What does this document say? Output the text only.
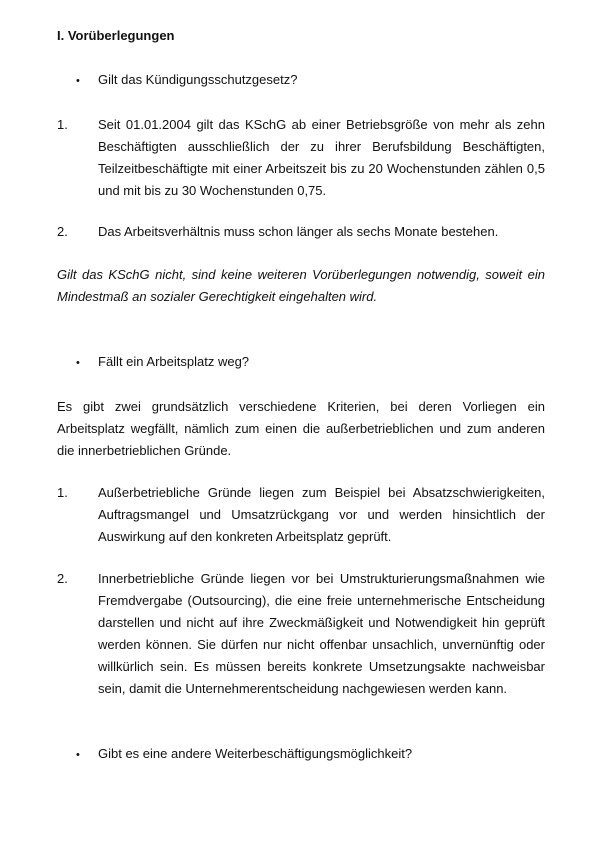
I. Vorüberlegungen
• Gilt das Kündigungsschutzgesetz?
1. Seit 01.01.2004 gilt das KSchG ab einer Betriebsgröße von mehr als zehn Beschäftigten ausschließlich der zu ihrer Berufsbildung Beschäftigten, Teilzeitbeschäftigte mit einer Arbeitszeit bis zu 20 Wochenstunden zählen 0,5 und mit bis zu 30 Wochenstunden 0,75.
2. Das Arbeitsverhältnis muss schon länger als sechs Monate bestehen.
Gilt das KSchG nicht, sind keine weiteren Vorüberlegungen notwendig, soweit ein Mindestmaß an sozialer Gerechtigkeit eingehalten wird.
• Fällt ein Arbeitsplatz weg?
Es gibt zwei grundsätzlich verschiedene Kriterien, bei deren Vorliegen ein Arbeitsplatz wegfällt, nämlich zum einen die außerbetrieblichen und zum anderen die innerbetrieblichen Gründe.
1. Außerbetriebliche Gründe liegen zum Beispiel bei Absatzschwierigkeiten, Auftragsmangel und Umsatzrückgang vor und werden hinsichtlich der Auswirkung auf den konkreten Arbeitsplatz geprüft.
2. Innerbetriebliche Gründe liegen vor bei Umstrukturierungsmaßnahmen wie Fremdvergabe (Outsourcing), die eine freie unternehmerische Entscheidung darstellen und nicht auf ihre Zweckmäßigkeit und Notwendigkeit hin geprüft werden können. Sie dürfen nur nicht offenbar unsachlich, unvernünftig oder willkürlich sein. Es müssen bereits konkrete Umsetzungsakte nachweisbar sein, damit die Unternehmerentscheidung nachgewiesen werden kann.
• Gibt es eine andere Weiterbeschäftigungsmöglichkeit?
